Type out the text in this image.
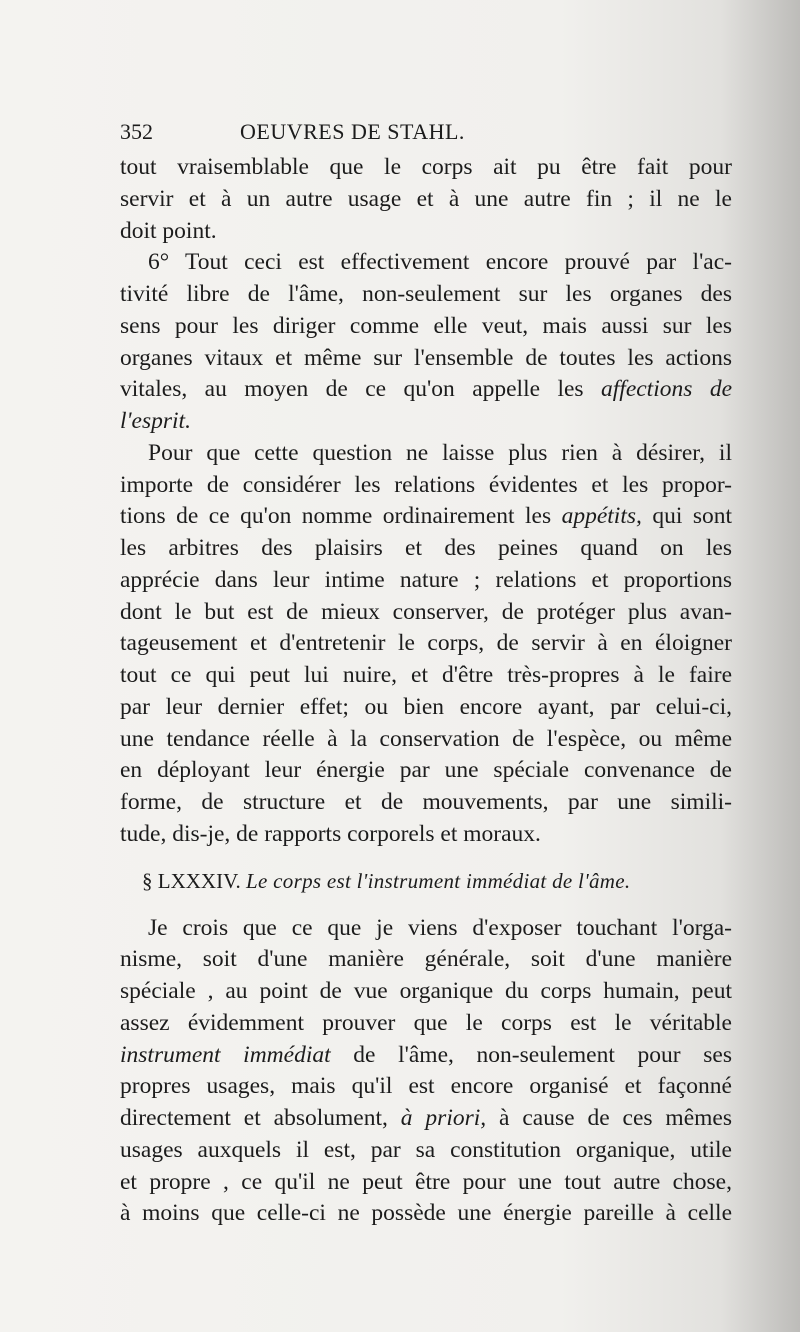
352	OEUVRES DE STAHL.
tout vraisemblable que le corps ait pu être fait pour
servir et à un autre usage et à une autre fin ; il ne le
doit point.
6° Tout ceci est effectivement encore prouvé par l'ac-
tivité libre de l'âme, non-seulement sur les organes des
sens pour les diriger comme elle veut, mais aussi sur les
organes vitaux et même sur l'ensemble de toutes les actions
vitales, au moyen de ce qu'on appelle les affections de
l'esprit.
Pour que cette question ne laisse plus rien à désirer, il
importe de considérer les relations évidentes et les propor-
tions de ce qu'on nomme ordinairement les appétits, qui sont
les arbitres des plaisirs et des peines quand on les
apprécie dans leur intime nature ; relations et proportions
dont le but est de mieux conserver, de protéger plus avan-
tageusement et d'entretenir le corps, de servir à en éloigner
tout ce qui peut lui nuire, et d'être très-propres à le faire
par leur dernier effet; ou bien encore ayant, par celui-ci,
une tendance réelle à la conservation de l'espèce, ou même
en déployant leur énergie par une spéciale convenance de
forme, de structure et de mouvements, par une simili-
tude, dis-je, de rapports corporels et moraux.
§ LXXXIV. Le corps est l'instrument immédiat de l'âme.
Je crois que ce que je viens d'exposer touchant l'orga-
nisme, soit d'une manière générale, soit d'une manière
spéciale , au point de vue organique du corps humain, peut
assez évidemment prouver que le corps est le véritable
instrument immédiat de l'âme, non-seulement pour ses
propres usages, mais qu'il est encore organisé et façonné
directement et absolument, à priori, à cause de ces mêmes
usages auxquels il est, par sa constitution organique, utile
et propre , ce qu'il ne peut être pour une tout autre chose,
à moins que celle-ci ne possède une énergie pareille à celle
